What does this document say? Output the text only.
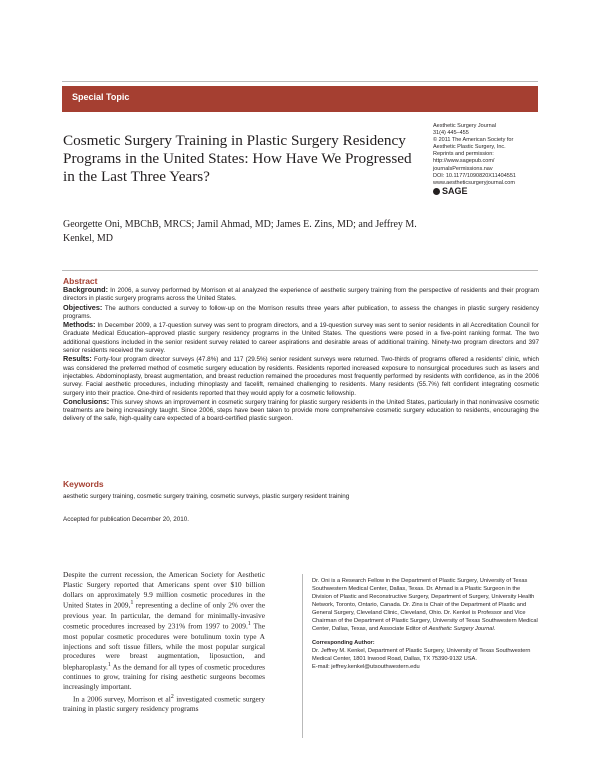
Special Topic
Cosmetic Surgery Training in Plastic Surgery Residency Programs in the United States: How Have We Progressed in the Last Three Years?
Aesthetic Surgery Journal
31(4) 445–455
© 2011 The American Society for
Aesthetic Plastic Surgery, Inc.
Reprints and permission:
http://www.sagepub.com/
journalsPermissions.nav
DOI: 10.1177/1090820X11404551
www.aestheticsurgeryjournal.com
SAGE
Georgette Oni, MBChB, MRCS; Jamil Ahmad, MD; James E. Zins, MD; and Jeffrey M. Kenkel, MD
Abstract

Background: In 2006, a survey performed by Morrison et al analyzed the experience of aesthetic surgery training from the perspective of residents and their program directors in plastic surgery programs across the United States.

Objectives: The authors conducted a survey to follow-up on the Morrison results three years after publication, to assess the changes in plastic surgery residency programs.

Methods: In December 2009, a 17-question survey was sent to program directors, and a 19-question survey was sent to senior residents in all Accreditation Council for Graduate Medical Education–approved plastic surgery residency programs in the United States. The questions were posed in a five-point ranking format. The two additional questions included in the senior resident survey related to career aspirations and desirable areas of additional training. Ninety-two program directors and 397 senior residents received the survey.

Results: Forty-four program director surveys (47.8%) and 117 (29.5%) senior resident surveys were returned. Two-thirds of programs offered a residents' clinic, which was considered the preferred method of cosmetic surgery education by residents. Residents reported increased exposure to nonsurgical procedures such as lasers and injectables. Abdominoplasty, breast augmentation, and breast reduction remained the procedures most frequently performed by residents with confidence, as in the 2006 survey. Facial aesthetic procedures, including rhinoplasty and facelift, remained challenging to residents. Many residents (55.7%) felt confident integrating cosmetic surgery into their practice. One-third of residents reported that they would apply for a cosmetic fellowship.

Conclusions: This survey shows an improvement in cosmetic surgery training for plastic surgery residents in the United States, particularly in that noninvasive cosmetic treatments are being increasingly taught. Since 2006, steps have been taken to provide more comprehensive cosmetic surgery education to residents, encouraging the delivery of the safe, high-quality care expected of a board-certified plastic surgeon.

Keywords
aesthetic surgery training, cosmetic surgery training, cosmetic surveys, plastic surgery resident training
Accepted for publication December 20, 2010.

Despite the current recession, the American Society for Aesthetic Plastic Surgery reported that Americans spent over $10 billion dollars on approximately 9.9 million cosmetic procedures in the United States in 2009,$^1$ representing a decline of only 2% over the previous year. In particular, the demand for minimally-invasive cosmetic procedures increased by 231% from 1997 to 2009.$^1$ The most popular cosmetic procedures were botulinum toxin type A injections and soft tissue fillers, while the most popular surgical procedures were breast augmentation, liposuction, and blepharoplasty.$^1$ As the demand for all types of cosmetic procedures continues to grow, training for rising aesthetic surgeons becomes increasingly important.

In a 2006 survey, Morrison et $al^2$ investigated cosmetic surgery training in plastic surgery residency programs

Dr. Oni is a Research Fellow in the Department of Plastic Surgery, University of Texas Southwestern Medical Center, Dallas, Texas. Dr. Ahmad is a Plastic Surgeon in the Division of Plastic and Reconstructive Surgery, Department of Surgery, University Health Network, Toronto, Ontario, Canada. Dr. Zins is Chair of the Department of Plastic and General Surgery, Cleveland Clinic, Cleveland, Ohio. Dr. Kenkel is Professor and Vice Chairman of the Department of Plastic Surgery, University of Texas Southwestern Medical Center, Dallas, Texas, and Associate Editor of Aesthetic Surgery Journal.

Corresponding Author:
Dr. Jeffrey M. Kenkel, Department of Plastic Surgery, University of Texas Southwestern Medical Center, 1801 Inwood Road, Dallas, TX 75390-9132 USA.
E-mail: jeffrey.kenkel@utsouthwestern.edu
